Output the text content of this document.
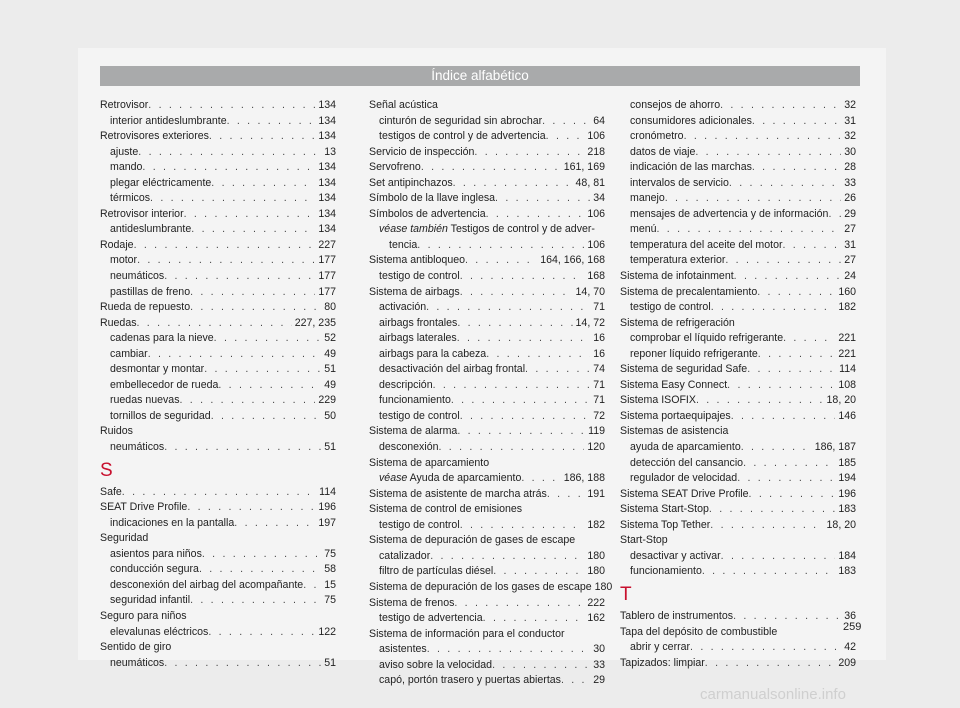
Índice alfabético
Retrovisor . . .	134
interior antideslumbrante . . .	134
Retrovisores exteriores . . .	134
ajuste . . .	13
mando . . .	134
plegar eléctricamente . . .	134
térmicos . . .	134
Retrovisor interior . . .	134
antideslumbrante . . .	134
Rodaje . . .	227
motor . . .	177
neumáticos . . .	177
pastillas de freno . . .	177
Rueda de repuesto . . .	80
Ruedas . . .	227, 235
cadenas para la nieve . . .	52
cambiar . . .	49
desmontar y montar . . .	51
embellecedor de rueda . . .	49
ruedas nuevas . . .	229
tornillos de seguridad . . .	50
Ruidos
neumáticos . . .	51
S
Safe . . .	114
SEAT Drive Profile . . .	196
indicaciones en la pantalla . . .	197
Seguridad
asientos para niños . . .	75
conducción segura . . .	58
desconexión del airbag del acompañante . . . 15
seguridad infantil . . .	75
Seguro para niños
elevalunas eléctricos . . .	122
Sentido de giro
neumáticos . . .	51
Señal acústica
cinturón de seguridad sin abrochar . . .	64
testigos de control y de advertencia . . .	106
Servicio de inspección . . .	218
Servofreno . . .	161, 169
Set antipinchazos . . .	48, 81
Símbolo de la llave inglesa . . .	34
Símbolos de advertencia . . .	106
véase también Testigos de control y de adver-
tencia . . .	106
Sistema antibloqueo . . .	164, 166, 168
testigo de control . . .	168
Sistema de airbags . . .	14, 70
activación . . .	71
airbags frontales . . .	14, 72
airbags laterales . . .	16
airbags para la cabeza . . .	16
desactivación del airbag frontal . . .	74
descripción . . .	71
funcionamiento . . .	71
testigo de control . . .	72
Sistema de alarma . . .	119
desconexión . . .	120
Sistema de aparcamiento
véase Ayuda de aparcamiento . . .	186, 188
Sistema de asistente de marcha atrás . . .	191
Sistema de control de emisiones
testigo de control . . .	182
Sistema de depuración de gases de escape
catalizador . . .	180
filtro de partículas diésel . . .	180
Sistema de depuración de los gases de escape 180
Sistema de frenos . . .	222
testigo de advertencia . . .	162
Sistema de información para el conductor
asistentes . . .	30
aviso sobre la velocidad . . .	33
capó, portón trasero y puertas abiertas . . .	29
consejos de ahorro . . .	32
consumidores adicionales . . .	31
cronómetro . . .	32
datos de viaje . . .	30
indicación de las marchas . . .	28
intervalos de servicio . . .	33
manejo . . .	26
mensajes de advertencia y de información . . . 29
menú . . .	27
temperatura del aceite del motor . . .	31
temperatura exterior . . .	27
Sistema de infotainment . . .	24
Sistema de precalentamiento . . .	160
testigo de control . . .	182
Sistema de refrigeración
comprobar el líquido refrigerante . . .	221
reponer líquido refrigerante . . .	221
Sistema de seguridad Safe . . .	114
Sistema Easy Connect . . .	108
Sistema ISOFIX . . .	18, 20
Sistema portaequipajes . . .	146
Sistemas de asistencia
ayuda de aparcamiento . . .	186, 187
detección del cansancio . . .	185
regulador de velocidad . . .	194
Sistema SEAT Drive Profile . . .	196
Sistema Start-Stop . . .	183
Sistema Top Tether . . .	18, 20
Start-Stop
desactivar y activar . . .	184
funcionamiento . . .	183
T
Tablero de instrumentos . . .	36
Tapa del depósito de combustible
abrir y cerrar . . .	42
Tapizados: limpiar . . .	209
259
carmanualsonline.info
